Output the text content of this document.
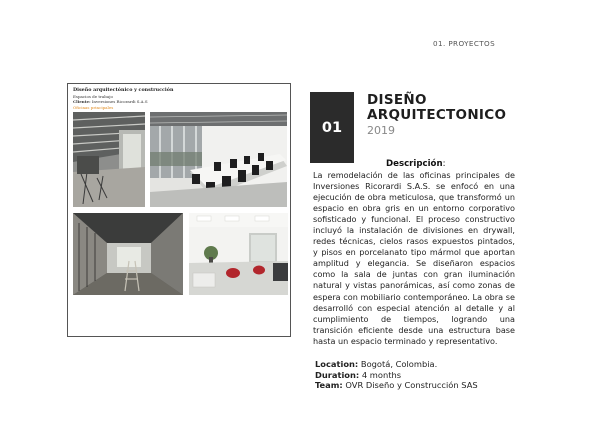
01. PROYECTOS
Diseño arquitectónico y construcción
Espacios de trabajo
Cliente: Inversiones Ricorardi S.A.S
Oficinas principales
01
DISEÑO
ARQUITECTONICO
2019
Descripción:

La remodelación de las oficinas principales de Inversiones Ricorardi S.A.S. se enfocó en una ejecución de obra meticulosa, que transformó un espacio en obra gris en un entorno corporativo sofisticado y funcional. El proceso constructivo incluyó la instalación de divisiones en drywall, redes técnicas, cielos rasos expuestos pintados, y pisos en porcelanato tipo mármol que aportan amplitud y elegancia. Se diseñaron espacios como la sala de juntas con gran iluminación natural y vistas panorámicas, así como zonas de espera con mobiliario contemporáneo. La obra se desarrolló con especial atención al detalle y al cumplimiento de tiempos, logrando una transición eficiente desde una estructura base hasta un espacio terminado y representativo.

Location: Bogotá, Colombia.
Duration: 4 months
Team: OVR Diseño y Construcción SAS
